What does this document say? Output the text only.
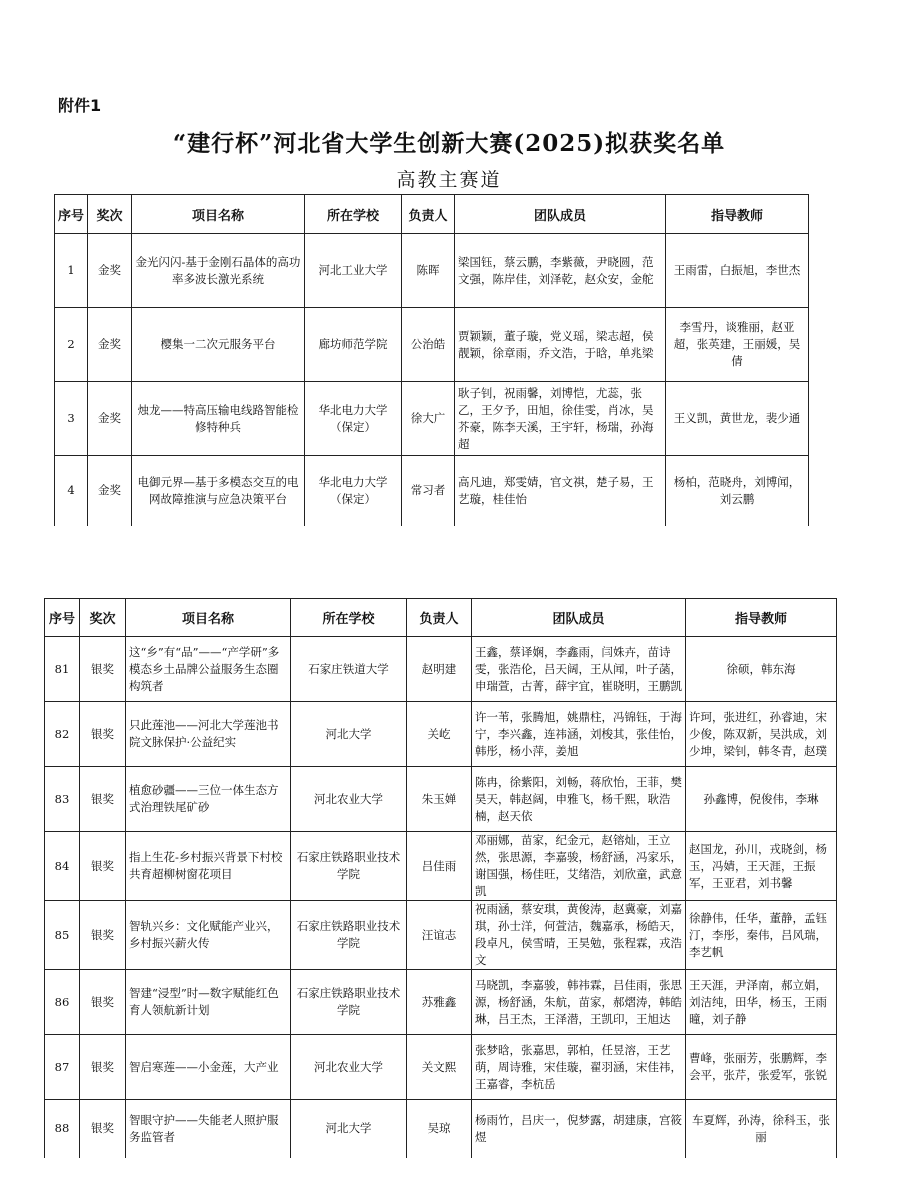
附件1
“建行杯”河北省大学生创新大赛(2025)拟获奖名单
高教主赛道
序号	奖次	项目名称	所在学校	负责人	团队成员	指导教师
1	金奖	金光闪闪-基于金刚石晶体的高功率多波长激光系统	河北工业大学	陈晖	梁国钰，蔡云鹏，李紫薇，尹晓圆，范文强，陈岸佳，刘泽乾，赵众安，金舵	王雨雷，白振旭，李世杰
2	金奖	樱集一二次元服务平台	廊坊师范学院	公治皓	贾颖颖，董子璇，党义瑶，梁志超，侯靓颖，徐章雨，乔文浩，于晗，单兆梁	李雪丹，谈雅丽，赵亚超，张英建，王丽媛，吴倩
3	金奖	烛龙——特高压输电线路智能检修特种兵	华北电力大学（保定）	徐大广	耿子钊，祝雨馨，刘博恺，尤蕊，张乙，王夕予，田旭，徐佳雯，肖冰，吴芥豪，陈李天溪，王宇轩，杨瑞，孙海超	王义凯，黄世龙，裴少通
4	金奖	电御元界—基于多模态交互的电网故障推演与应急决策平台	华北电力大学（保定）	常习者	高凡迪，郑雯婧，官文祺，楚子易，王艺璇，桂佳怡	杨柏，范晓舟，刘博闻，刘云鹏
序号	奖次	项目名称	所在学校	负责人	团队成员	指导教师
81	银奖	这“乡”有“品”——“产学研”多模态乡土品牌公益服务生态圈构筑者	石家庄铁道大学	赵明建	王鑫，蔡译娴，李鑫雨，闫姝卉，苗诗雯，张浩伦，吕天阔，王从闻，叶子菡，申瑞萱，古菁，薛宇宜，崔晓明，王鹏凯	徐硕，韩东海
82	银奖	只此莲池——河北大学莲池书院文脉保护·公益纪实	河北大学	关屹	许一苇，张腾旭，姚鼎柱，冯锦钰，于海宁，李兴鑫，连祎涵，刘梭其，张佳怡，韩彤，杨小萍，姜旭	许珂，张进红，孙睿迪，宋少俊，陈双新，吴洪成，刘少坤，梁钊，韩冬青，赵璞
83	银奖	植愈砂疆——三位一体生态方式治理铁尾矿砂	河北农业大学	朱玉婵	陈冉，徐紫阳，刘畅，蒋欣怡，王菲，樊昊天，韩赵阔，申雅飞，杨千熙，耿浩楠，赵天依	孙鑫博，倪俊伟，李琳
84	银奖	指上生花-乡村振兴背景下村校共育超柳树窗花项目	石家庄铁路职业技术学院	吕佳雨	邓丽娜，苗家，纪金元，赵镕灿，王立然，张思源，李嘉骏，杨舒涵，冯家乐，谢国强，杨佳旺，艾绪浩，刘欣童，武意凯	赵国龙，孙川，戎晓剑，杨玉，冯婧，王天涯，王振军，王亚君，刘书馨
85	银奖	智轨兴乡：文化赋能产业兴，乡村振兴薪火传	石家庄铁路职业技术学院	汪谊志	祝雨涵，蔡安琪，黄俊涛，赵冀豪，刘嘉琪，孙士洋，何萱洁，魏嘉承，杨皓天，段卓凡，侯雪晴，王昊勉，张程霖，戎浩文	徐静伟，任华，董静，孟钰汀，李彤，秦伟，吕风瑞，李艺帆
86	银奖	智建“浸型”时—数字赋能红色育人领航新计划	石家庄铁路职业技术学院	苏雅鑫	马晓凯，李嘉骏，韩祎霖，吕佳雨，张思源，杨舒涵，朱航，苗家，郝熠涛，韩皓琳，吕王杰，王泽潜，王凯印，王旭达	王天涯，尹泽南，郝立娟，刘洁纯，田华，杨玉，王雨曈，刘子静
87	银奖	智启寒莲——小金莲，大产业	河北农业大学	关文熙	张梦晗，张嘉思，郭柏，任昱溶，王艺萌，周诗雅，宋佳璇，翟羽涵，宋佳祎，王嘉睿，李杭岳	曹峰，张丽芳，张鹏辉，李会平，张芹，张爱军，张锐
88	银奖	智眼守护——失能老人照护服务监管者	河北大学	吴琼	杨雨竹，吕庆一，倪梦露，胡建康，宫筱煜	车夏辉，孙涛，徐科玉，张丽
